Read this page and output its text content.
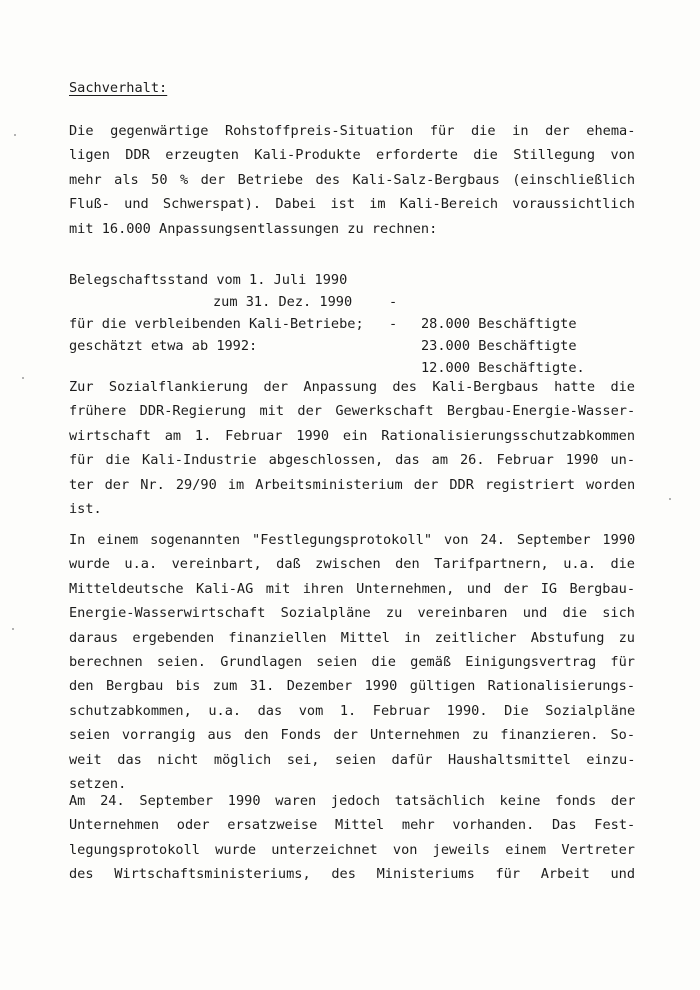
Sachverhalt:
Die gegenwärtige Rohstoffpreis-Situation für die in der ehema-
ligen DDR erzeugten Kali-Produkte erforderte die Stillegung von
mehr als 50 % der Betriebe des Kali-Salz-Bergbaus (einschließlich
Fluß- und Schwerspat). Dabei ist im Kali-Bereich voraussichtlich
mit 16.000 Anpassungsentlassungen zu rechnen:

Belegschaftsstand vom 1. Juli 1990

-

28.000 Beschäftigte

zum 31. Dez. 1990

-

23.000 Beschäftigte

für die verbleibenden Kali-Betriebe;

geschätzt etwa ab 1992:

12.000 Beschäftigte.

Zur Sozialflankierung der Anpassung des Kali-Bergbaus hatte die
frühere DDR-Regierung mit der Gewerkschaft Bergbau-Energie-Wasser-
wirtschaft am 1. Februar 1990 ein Rationalisierungsschutzabkommen
für die Kali-Industrie abgeschlossen, das am 26. Februar 1990 un-
ter der Nr. 29/90 im Arbeitsministerium der DDR registriert worden
ist.
In einem sogenannten "Festlegungsprotokoll" von 24. September 1990
wurde u.a. vereinbart, daß zwischen den Tarifpartnern, u.a. die
Mitteldeutsche Kali-AG mit ihren Unternehmen, und der IG Bergbau-
Energie-Wasserwirtschaft Sozialpläne zu vereinbaren und die sich
daraus ergebenden finanziellen Mittel in zeitlicher Abstufung zu
berechnen seien. Grundlagen seien die gemäß Einigungsvertrag für
den Bergbau bis zum 31. Dezember 1990 gültigen Rationalisierungs-
schutzabkommen, u.a. das vom 1. Februar 1990. Die Sozialpläne
seien vorrangig aus den Fonds der Unternehmen zu finanzieren. So-
weit das nicht möglich sei, seien dafür Haushaltsmittel einzu-
setzen.
Am 24. September 1990 waren jedoch tatsächlich keine fonds der
Unternehmen oder ersatzweise Mittel mehr vorhanden. Das Fest-
legungsprotokoll wurde unterzeichnet von jeweils einem Vertreter
des Wirtschaftsministeriums, des Ministeriums für Arbeit und
